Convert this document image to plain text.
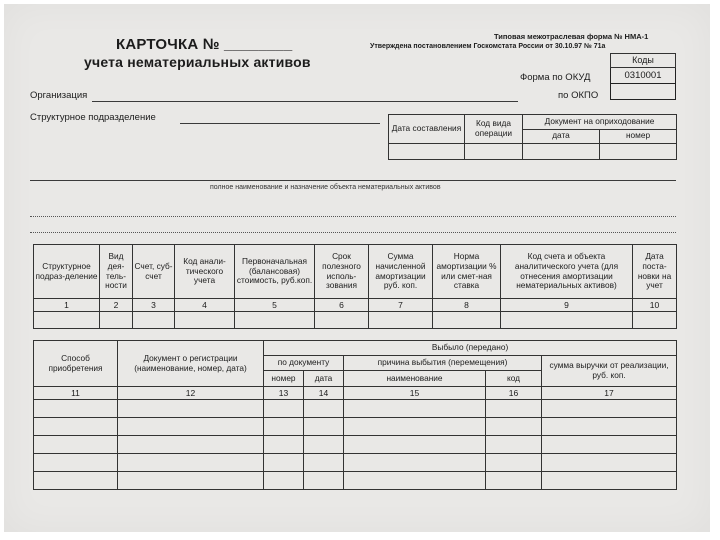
КАРТОЧКА № ________
учета нематериальных активов
Типовая межотраслевая форма № НМА-1
Утверждена постановлением Госкомстата России от 30.10.97 № 71а
Коды
0310001

Форма по ОКУД
по ОКПО
Организация
Структурное подразделение
Дата составления	Код вида операции	Документ на оприходование	
		дата	номер

полное наименование и назначение объекта нематериальных активов
Структурное подраз-деление	Вид дея-тель-ности	Счет, суб-счет	Код анали-тического учета	Первоначальная (балансовая) стоимость, руб.коп.	Срок полезного исполь-зования	Сумма начисленной амортизации руб. коп.	Норма амортизации % или смет-ная ставка	Код счета и объекта аналитического учета (для отнесения амортизации нематериальных активов)	Дата поста-новки на учет
1	2	3	4	5	6	7	8	9	10

Способ приобретения	Документ о регистрации (наименование, номер, дата)	Выбыло (передано)				
		по документу		причина выбытия (перемещения)		сумма выручки от реализации, руб. коп.
		номер	дата	наименование	код	
11	12	13	14	15	16	17
